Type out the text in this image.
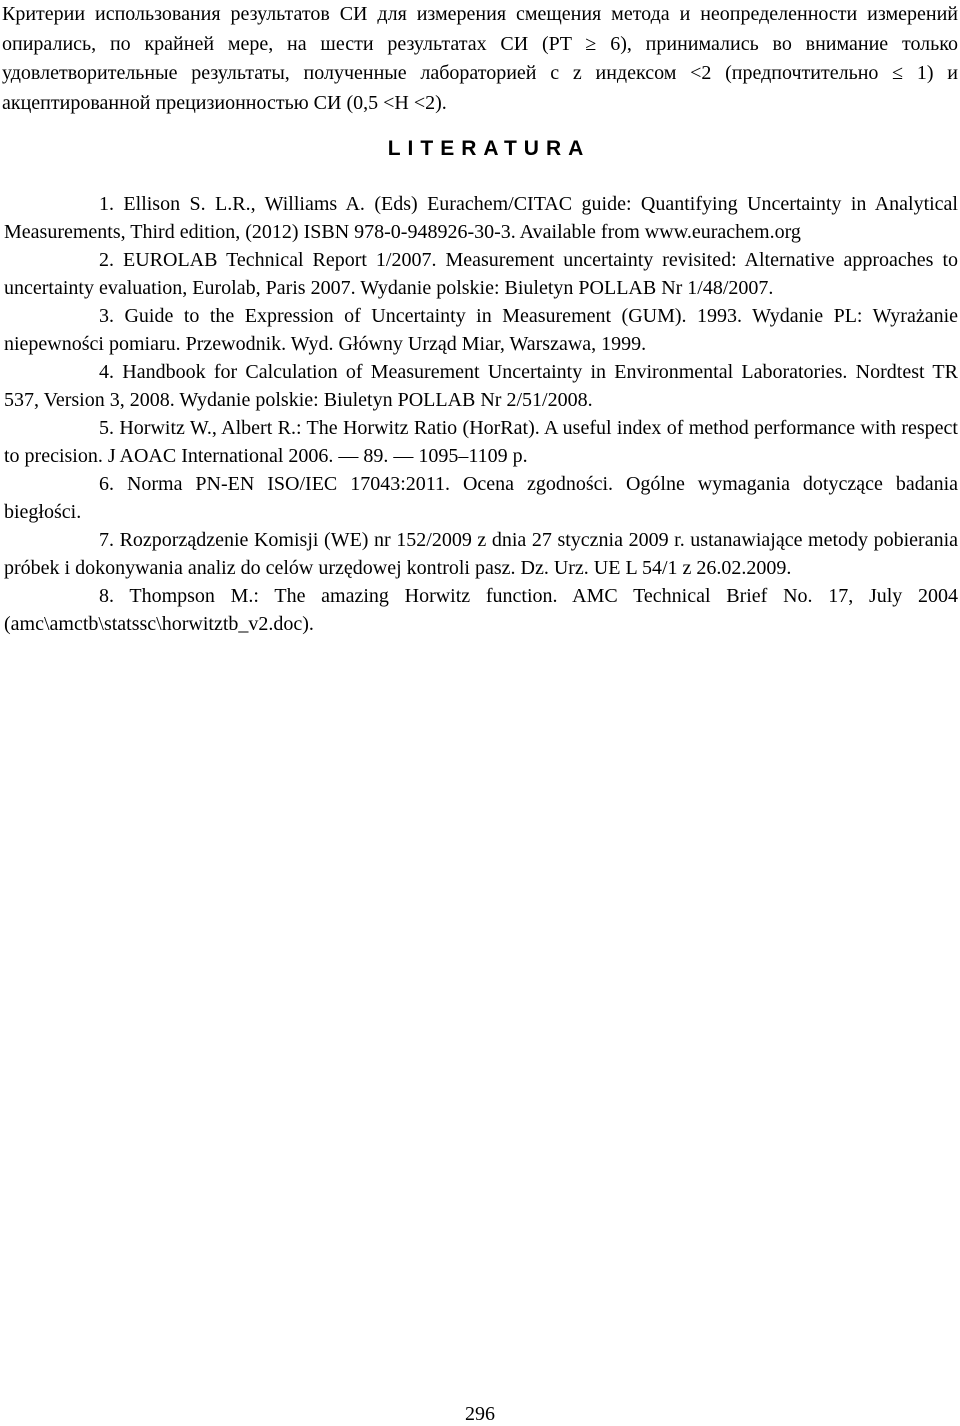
Критерии использования результатов СИ для измерения смещения метода и неопределенности измерений опирались, по крайней мере, на шести результатах СИ (PT ≥ 6), принимались во внимание только удовлетворительные результаты, полученные лабораторией с z индексом <2 (предпочтительно ≤ 1) и акцептированной прецизионностью СИ (0,5 <H <2).

LITERATURA
1. Ellison S. L.R., Williams A. (Eds) Eurachem/CITAC guide: Quantifying Uncertainty in Analytical Measurements, Third edition, (2012) ISBN 978-0-948926-30-3. Available from www.eurachem.org
2. EUROLAB Technical Report 1/2007. Measurement uncertainty revisited: Alternative approaches to uncertainty evaluation, Eurolab, Paris 2007. Wydanie polskie: Biuletyn POLLAB Nr 1/48/2007.
3. Guide to the Expression of Uncertainty in Measurement (GUM). 1993. Wydanie PL: Wyrażanie niepewności pomiaru. Przewodnik. Wyd. Główny Urząd Miar, Warszawa, 1999.
4. Handbook for Calculation of Measurement Uncertainty in Environmental Laboratories. Nordtest TR 537, Version 3, 2008. Wydanie polskie: Biuletyn POLLAB Nr 2/51/2008.
5. Horwitz W., Albert R.: The Horwitz Ratio (HorRat). A useful index of method performance with respect to precision. J AOAC International 2006. — 89. — 1095–1109 p.
6. Norma PN-EN ISO/IEC 17043:2011. Ocena zgodności. Ogólne wymagania dotyczące badania biegłości.
7. Rozporządzenie Komisji (WE) nr 152/2009 z dnia 27 stycznia 2009 r. ustanawiające metody pobierania próbek i dokonywania analiz do celów urzędowej kontroli pasz. Dz. Urz. UE L 54/1 z 26.02.2009.
8. Thompson M.: The amazing Horwitz function. AMC Technical Brief No. 17, July 2004 (amc\amctb\statssc\horwitztb_v2.doc).

296
